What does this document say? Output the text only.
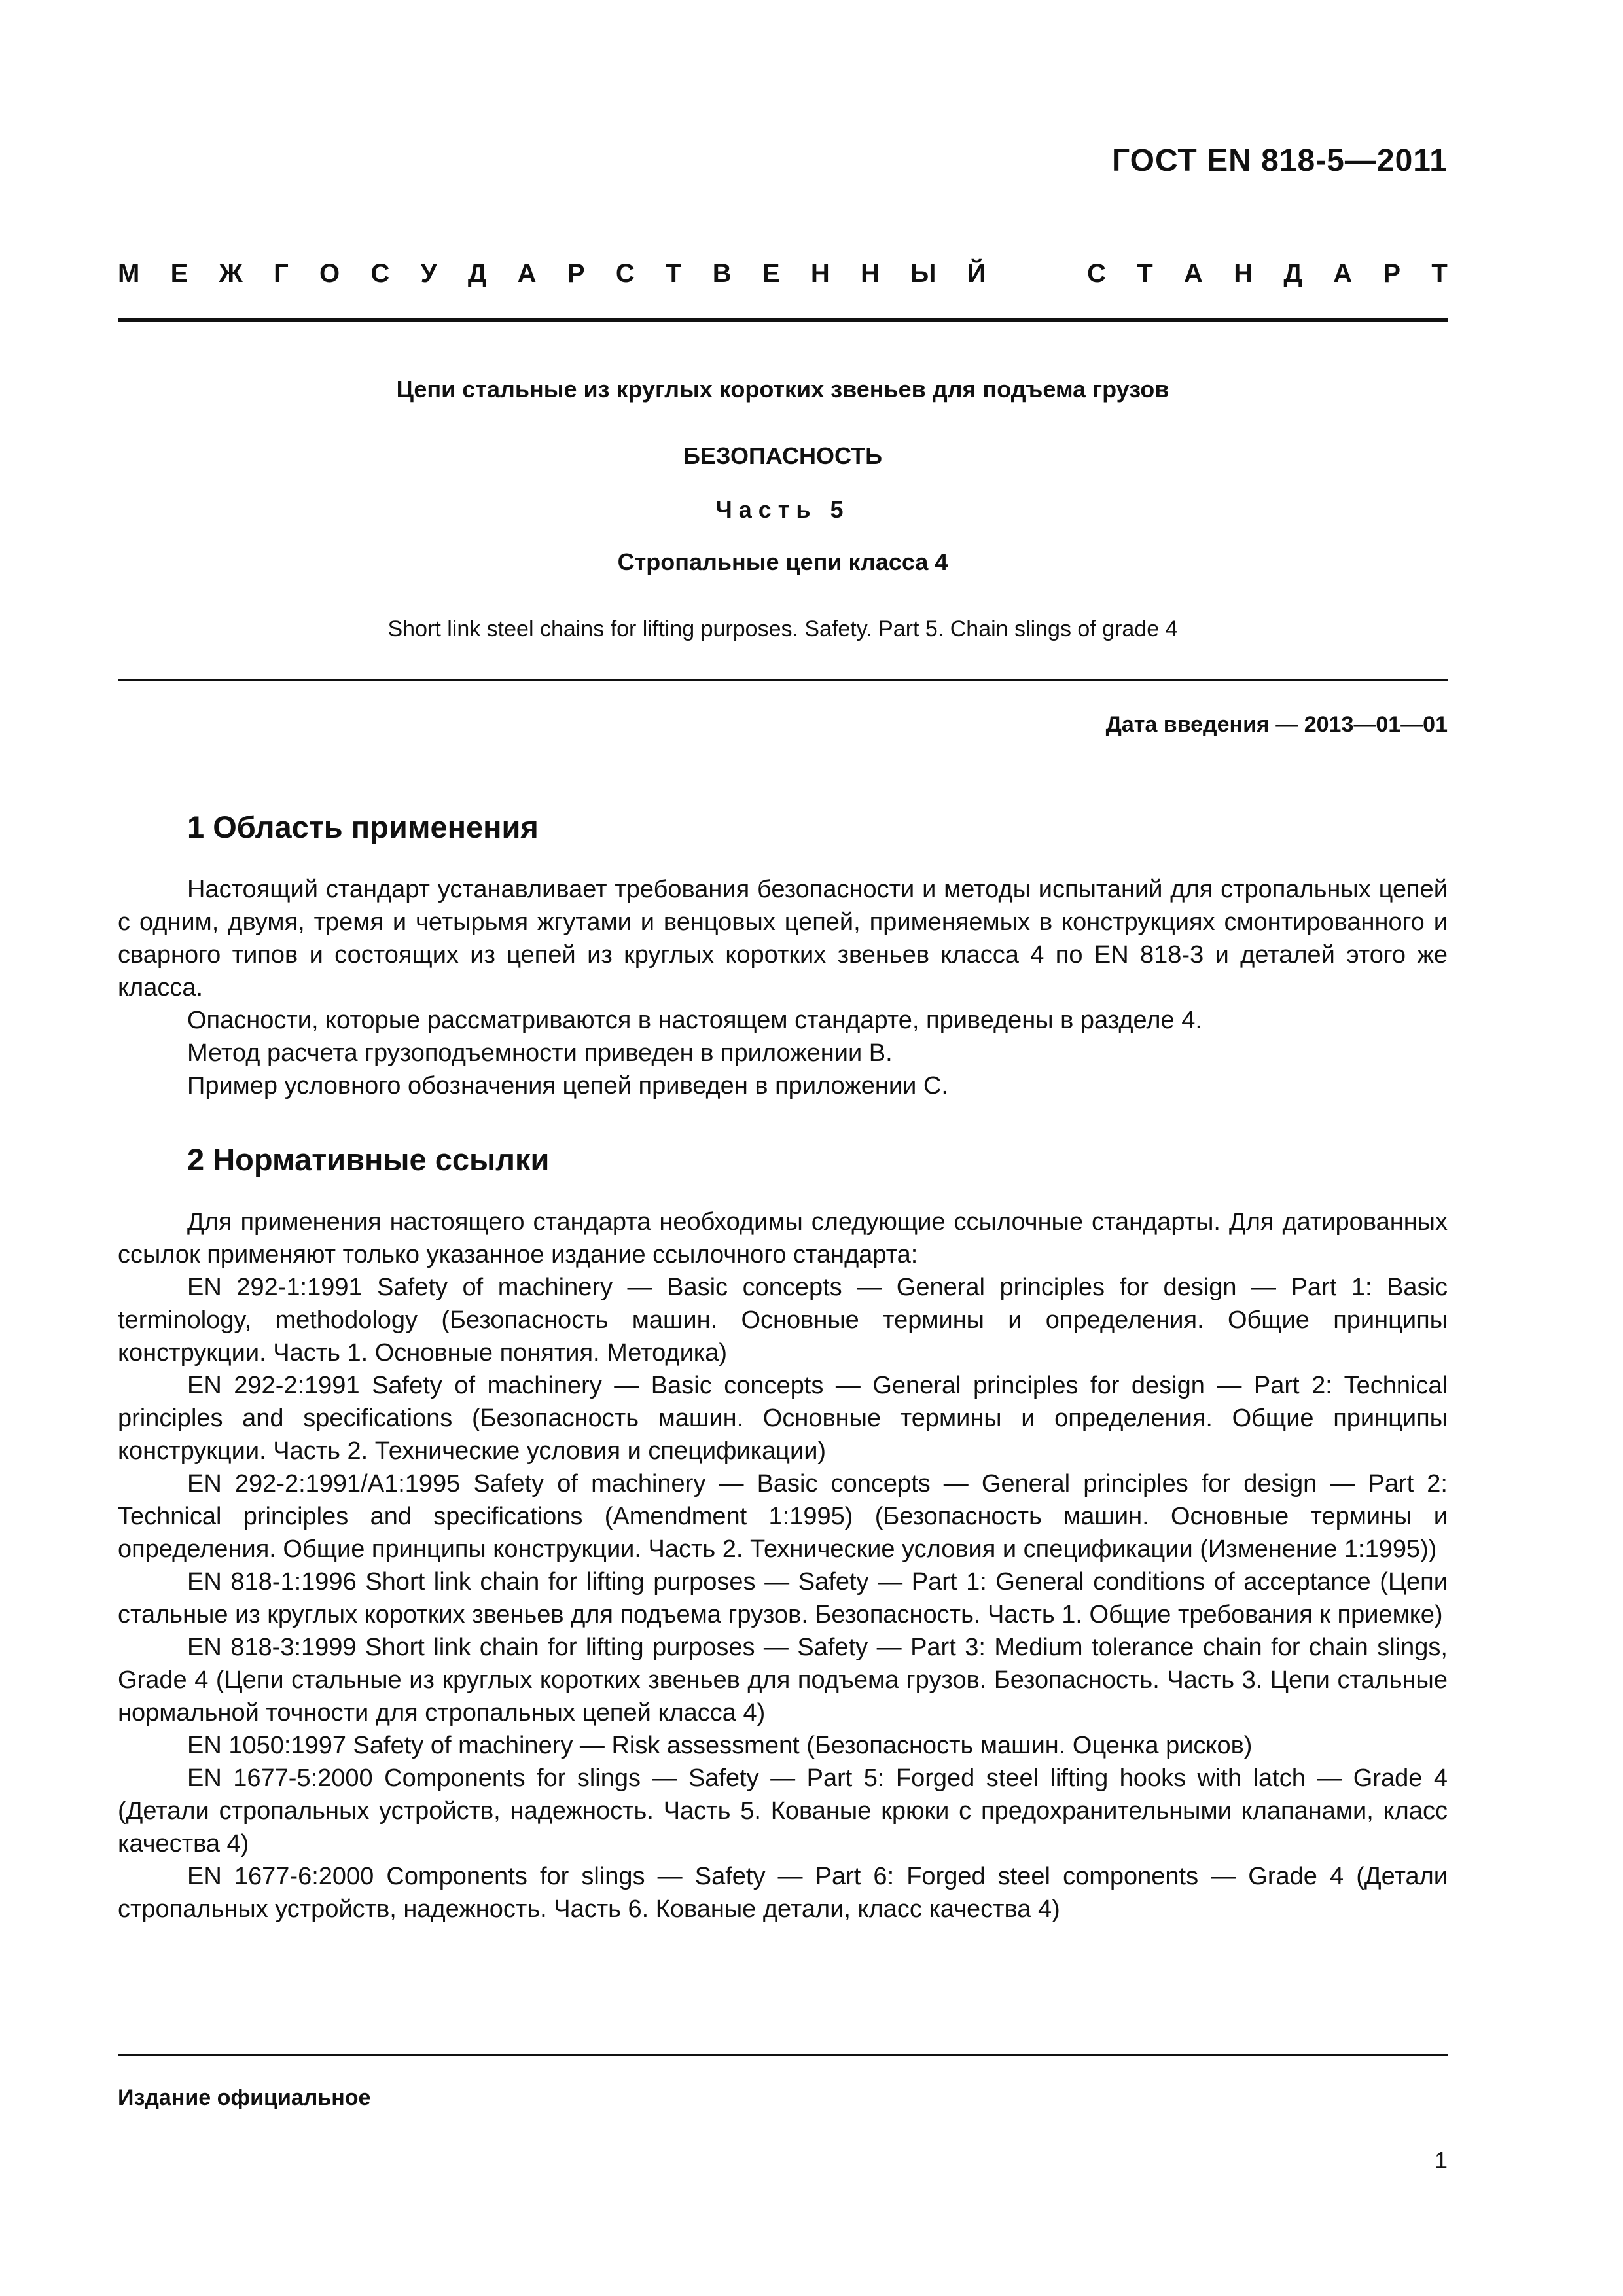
ГОСТ EN 818-5—2011
М Е Ж Г О С У Д А Р С Т В Е Н Н Ы Й	С Т А Н Д А Р Т
Цепи стальные из круглых коротких звеньев для подъема грузов
БЕЗОПАСНОСТЬ
Часть 5
Стропальные цепи класса 4
Short link steel chains for lifting purposes. Safety. Part 5. Chain slings of grade 4
Дата введения — 2013—01—01
1 Область применения

Настоящий стандарт устанавливает требования безопасности и методы испытаний для стропальных цепей с одним, двумя, тремя и четырьмя жгутами и венцовых цепей, применяемых в конструкциях смонтированного и сварного типов и состоящих из цепей из круглых коротких звеньев класса 4 по EN 818-3 и деталей этого же класса.

Опасности, которые рассматриваются в настоящем стандарте, приведены в разделе 4.

Метод расчета грузоподъемности приведен в приложении В.

Пример условного обозначения цепей приведен в приложении С.

2 Нормативные ссылки

Для применения настоящего стандарта необходимы следующие ссылочные стандарты. Для датированных ссылок применяют только указанное издание ссылочного стандарта:

EN 292-1:1991 Safety of machinery — Basic concepts — General principles for design — Part 1: Basic terminology, methodology (Безопасность машин. Основные термины и определения. Общие принципы конструкции. Часть 1. Основные понятия. Методика)

EN 292-2:1991 Safety of machinery — Basic concepts — General principles for design — Part 2: Technical principles and specifications (Безопасность машин. Основные термины и определения. Общие принципы конструкции. Часть 2. Технические условия и спецификации)

EN 292-2:1991/A1:1995 Safety of machinery — Basic concepts — General principles for design — Part 2: Technical principles and specifications (Amendment 1:1995) (Безопасность машин. Основные термины и определения. Общие принципы конструкции. Часть 2. Технические условия и спецификации (Изменение 1:1995))

EN 818-1:1996 Short link chain for lifting purposes — Safety — Part 1: General conditions of acceptance (Цепи стальные из круглых коротких звеньев для подъема грузов. Безопасность. Часть 1. Общие требования к приемке)

EN 818-3:1999 Short link chain for lifting purposes — Safety — Part 3: Medium tolerance chain for chain slings, Grade 4 (Цепи стальные из круглых коротких звеньев для подъема грузов. Безопасность. Часть 3. Цепи стальные нормальной точности для стропальных цепей класса 4)

EN 1050:1997 Safety of machinery — Risk assessment (Безопасность машин. Оценка рисков)

EN 1677-5:2000 Components for slings — Safety — Part 5: Forged steel lifting hooks with latch — Grade 4 (Детали стропальных устройств, надежность. Часть 5. Кованые крюки с предохранительными клапанами, класс качества 4)

EN 1677-6:2000 Components for slings — Safety — Part 6: Forged steel components — Grade 4 (Детали стропальных устройств, надежность. Часть 6. Кованые детали, класс качества 4)

Издание официальное
1
